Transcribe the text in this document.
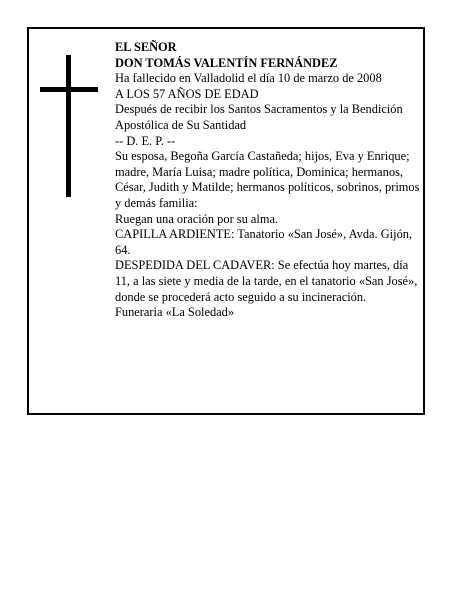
EL SEÑOR

DON TOMÁS VALENTÍN FERNÁNDEZ

Ha fallecido en Valladolid el día 10 de marzo de 2008

A LOS 57 AÑOS DE EDAD

Después de recibir los Santos Sacramentos y la Bendición Apostólica de Su Santidad

-- D. E. P. --

Su esposa, Begoña García Castañeda; hijos, Eva y Enrique; madre, María Luisa; madre política, Dominica; hermanos, César, Judith y Matilde; hermanos políticos, sobrinos, primos y demás familia:

Ruegan una oración por su alma.

CAPILLA ARDIENTE: Tanatorio «San José», Avda. Gijón, 64.

DESPEDIDA DEL CADAVER: Se efectúa hoy martes, día 11, a las siete y media de la tarde, en el tanatorio «San José», donde se procederá acto seguido a su incineración.

Funeraria «La Soledad»
